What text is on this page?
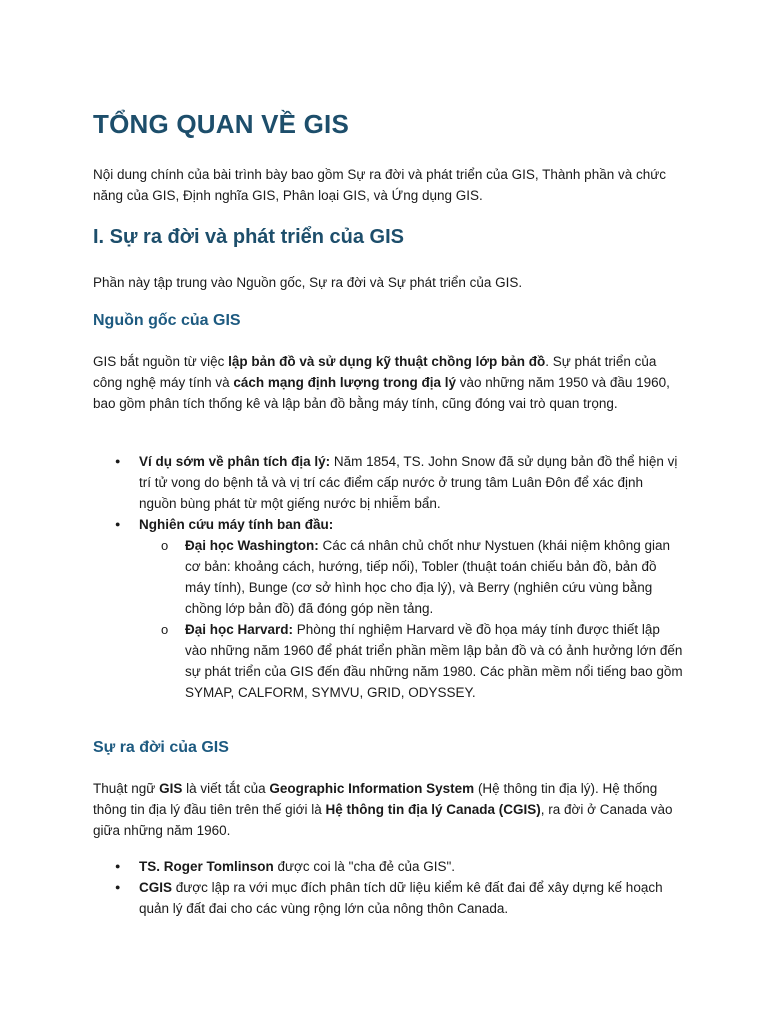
TỔNG QUAN VỀ GIS

Nội dung chính của bài trình bày bao gồm Sự ra đời và phát triển của GIS, Thành phần và chức năng của GIS, Định nghĩa GIS, Phân loại GIS, và Ứng dụng GIS.

I. Sự ra đời và phát triển của GIS

Phần này tập trung vào Nguồn gốc, Sự ra đời và Sự phát triển của GIS.

Nguồn gốc của GIS

GIS bắt nguồn từ việc lập bản đồ và sử dụng kỹ thuật chồng lớp bản đồ. Sự phát triển của công nghệ máy tính và cách mạng định lượng trong địa lý vào những năm 1950 và đầu 1960, bao gồm phân tích thống kê và lập bản đồ bằng máy tính, cũng đóng vai trò quan trọng.

● Ví dụ sớm về phân tích địa lý: Năm 1854, TS. John Snow đã sử dụng bản đồ thể hiện vị trí tử vong do bệnh tả và vị trí các điểm cấp nước ở trung tâm Luân Đôn để xác định nguồn bùng phát từ một giếng nước bị nhiễm bẩn.
● Nghiên cứu máy tính ban đầu:
o Đại học Washington: Các cá nhân chủ chốt như Nystuen (khái niệm không gian cơ bản: khoảng cách, hướng, tiếp nối), Tobler (thuật toán chiếu bản đồ, bản đồ máy tính), Bunge (cơ sở hình học cho địa lý), và Berry (nghiên cứu vùng bằng chồng lớp bản đồ) đã đóng góp nền tảng.
o Đại học Harvard: Phòng thí nghiệm Harvard về đồ họa máy tính được thiết lập vào những năm 1960 để phát triển phần mềm lập bản đồ và có ảnh hưởng lớn đến sự phát triển của GIS đến đầu những năm 1980. Các phần mềm nổi tiếng bao gồm SYMAP, CALFORM, SYMVU, GRID, ODYSSEY.
Sự ra đời của GIS

Thuật ngữ GIS là viết tắt của Geographic Information System (Hệ thông tin địa lý). Hệ thống thông tin địa lý đầu tiên trên thế giới là Hệ thông tin địa lý Canada (CGIS), ra đời ở Canada vào giữa những năm 1960.

● TS. Roger Tomlinson được coi là "cha đẻ của GIS".
● CGIS được lập ra với mục đích phân tích dữ liệu kiểm kê đất đai để xây dựng kế hoạch quản lý đất đai cho các vùng rộng lớn của nông thôn Canada.
